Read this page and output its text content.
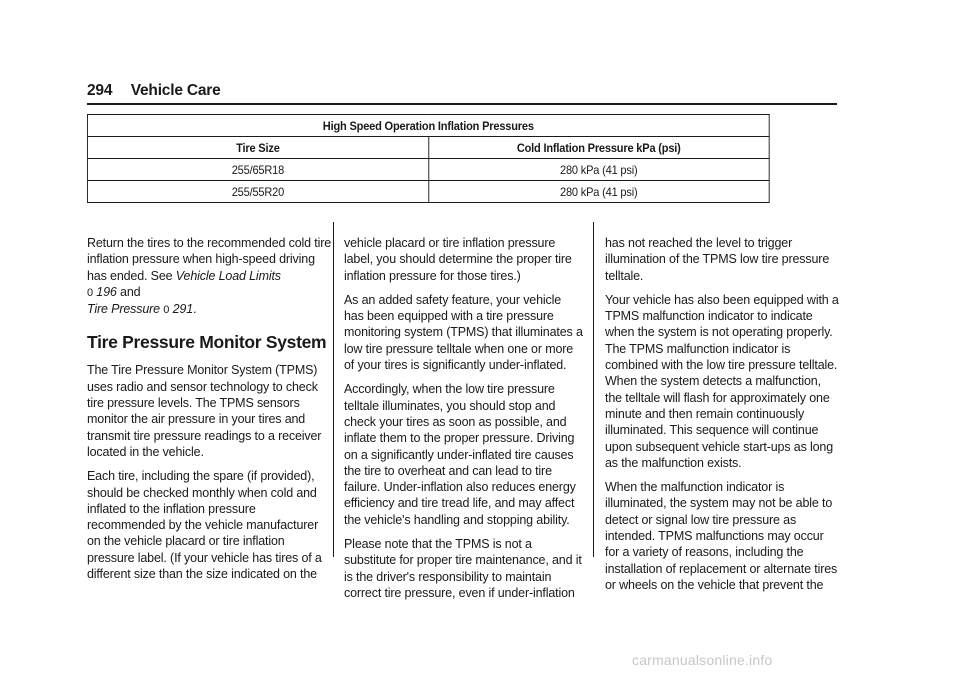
294 Vehicle Care
High Speed Operation Inflation Pressures	
Tire Size	Cold Inflation Pressure kPa (psi)
255/65R18	280 kPa (41 psi)
255/55R20	280 kPa (41 psi)

Return the tires to the recommended cold tire inflation pressure when high-speed driving has ended. See Vehicle Load Limits
0 196 and
Tire Pressure 0 291.

Tire Pressure Monitor System

The Tire Pressure Monitor System (TPMS) uses radio and sensor technology to check tire pressure levels. The TPMS sensors monitor the air pressure in your tires and transmit tire pressure readings to a receiver located in the vehicle.

Each tire, including the spare (if provided), should be checked monthly when cold and inflated to the inflation pressure recommended by the vehicle manufacturer on the vehicle placard or tire inflation pressure label. (If your vehicle has tires of a different size than the size indicated on the

vehicle placard or tire inflation pressure label, you should determine the proper tire inflation pressure for those tires.)

As an added safety feature, your vehicle has been equipped with a tire pressure monitoring system (TPMS) that illuminates a low tire pressure telltale when one or more of your tires is significantly under-inflated.

Accordingly, when the low tire pressure telltale illuminates, you should stop and check your tires as soon as possible, and inflate them to the proper pressure. Driving on a significantly under-inflated tire causes the tire to overheat and can lead to tire failure. Under-inflation also reduces energy efficiency and tire tread life, and may affect the vehicle's handling and stopping ability.

Please note that the TPMS is not a substitute for proper tire maintenance, and it is the driver's responsibility to maintain correct tire pressure, even if under-inflation

has not reached the level to trigger illumination of the TPMS low tire pressure telltale.

Your vehicle has also been equipped with a TPMS malfunction indicator to indicate when the system is not operating properly. The TPMS malfunction indicator is combined with the low tire pressure telltale. When the system detects a malfunction, the telltale will flash for approximately one minute and then remain continuously illuminated. This sequence will continue upon subsequent vehicle start-ups as long as the malfunction exists.

When the malfunction indicator is illuminated, the system may not be able to detect or signal low tire pressure as intended. TPMS malfunctions may occur for a variety of reasons, including the installation of replacement or alternate tires or wheels on the vehicle that prevent the

carmanualsonline.info
